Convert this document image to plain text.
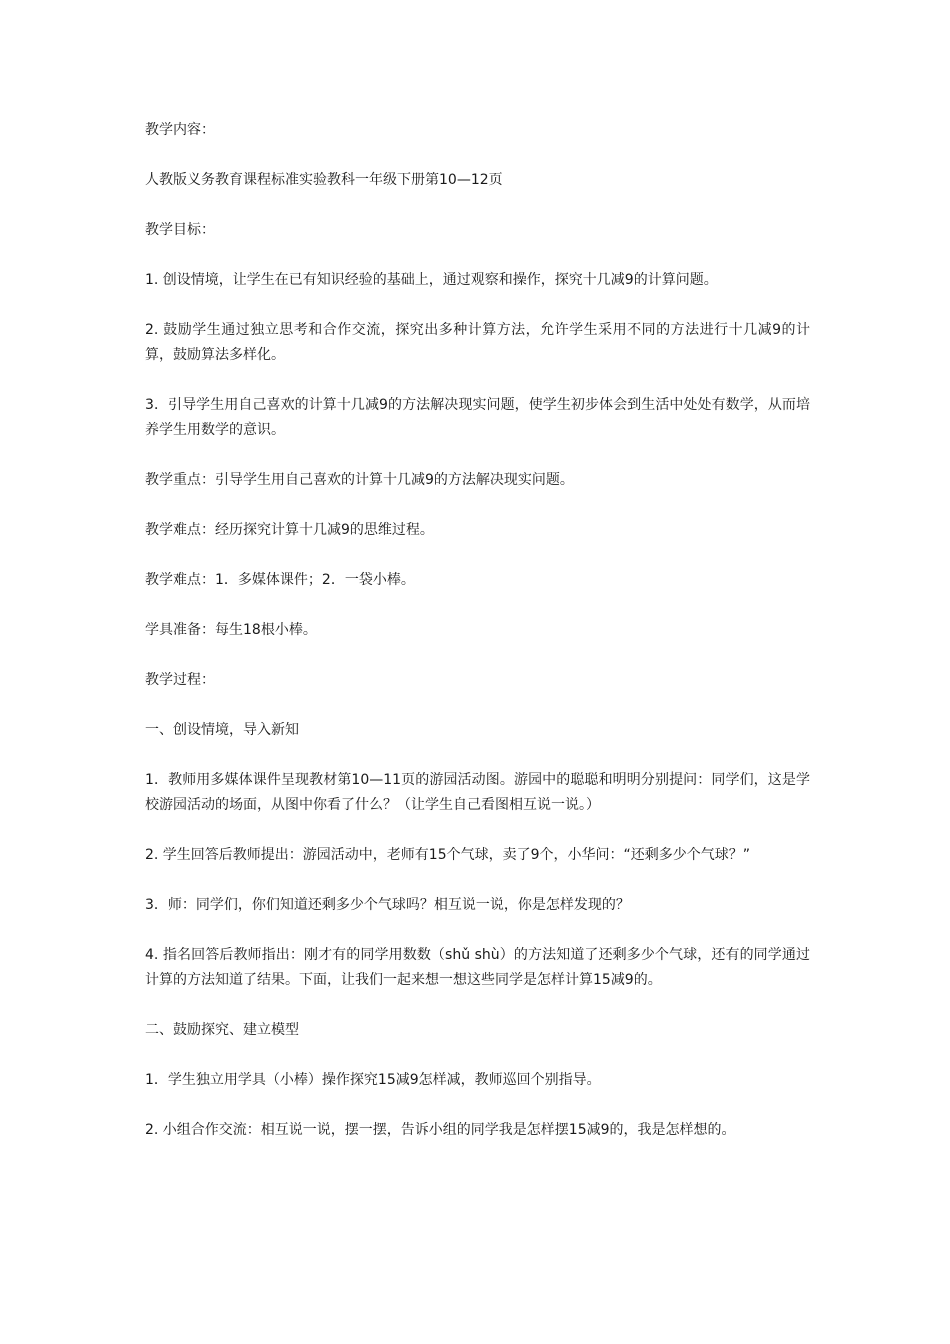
教学内容：

人教版义务教育课程标准实验教科一年级下册第10—12页

教学目标：

1. 创设情境，让学生在已有知识经验的基础上，通过观察和操作，探究十几减9的计算问题。

2. 鼓励学生通过独立思考和合作交流，探究出多种计算方法，允许学生采用不同的方法进行十几减9的计算，鼓励算法多样化。

3．引导学生用自己喜欢的计算十几减9的方法解决现实问题，使学生初步体会到生活中处处有数学，从而培养学生用数学的意识。

教学重点：引导学生用自己喜欢的计算十几减9的方法解决现实问题。

教学难点：经历探究计算十几减9的思维过程。

教学难点：1．多媒体课件；2．一袋小棒。

学具准备：每生18根小棒。

教学过程：

一、创设情境，导入新知

1．教师用多媒体课件呈现教材第10—11页的游园活动图。游园中的聪聪和明明分别提问：同学们，这是学校游园活动的场面，从图中你看了什么？（让学生自己看图相互说一说。）

2. 学生回答后教师提出：游园活动中，老师有15个气球，卖了9个，小华问：“还剩多少个气球？”

3．师：同学们，你们知道还剩多少个气球吗？相互说一说，你是怎样发现的？

4. 指名回答后教师指出：刚才有的同学用数数（shǔ shù）的方法知道了还剩多少个气球，还有的同学通过计算的方法知道了结果。下面，让我们一起来想一想这些同学是怎样计算15减9的。

二、鼓励探究、建立模型

1．学生独立用学具（小棒）操作探究15减9怎样减，教师巡回个别指导。

2. 小组合作交流：相互说一说，摆一摆，告诉小组的同学我是怎样摆15减9的，我是怎样想的。
